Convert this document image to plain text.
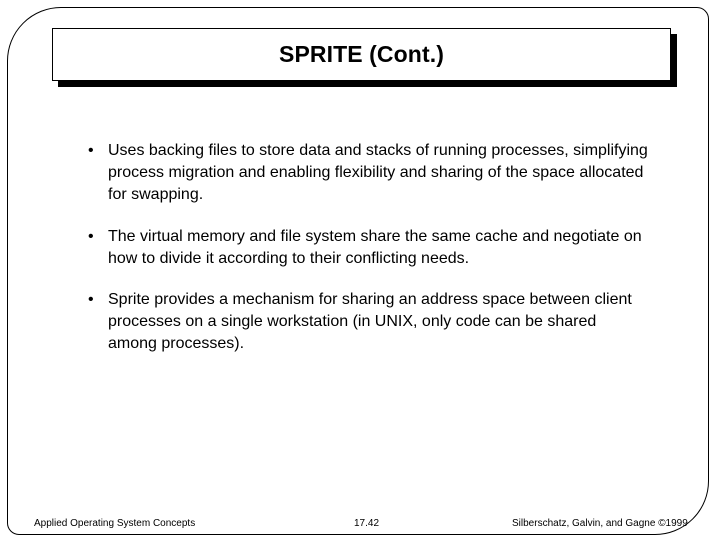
SPRITE (Cont.)
• Uses backing files to store data and stacks of running processes, simplifying process migration and enabling flexibility and sharing of the space allocated for swapping.
• The virtual memory and file system share the same cache and negotiate on how to divide it according to their conflicting needs.
• Sprite provides a mechanism for sharing an address space between client processes on a single workstation (in UNIX, only code can be shared among processes).
Applied Operating System Concepts	17.42	Silberschatz, Galvin, and Gagne ©1999
